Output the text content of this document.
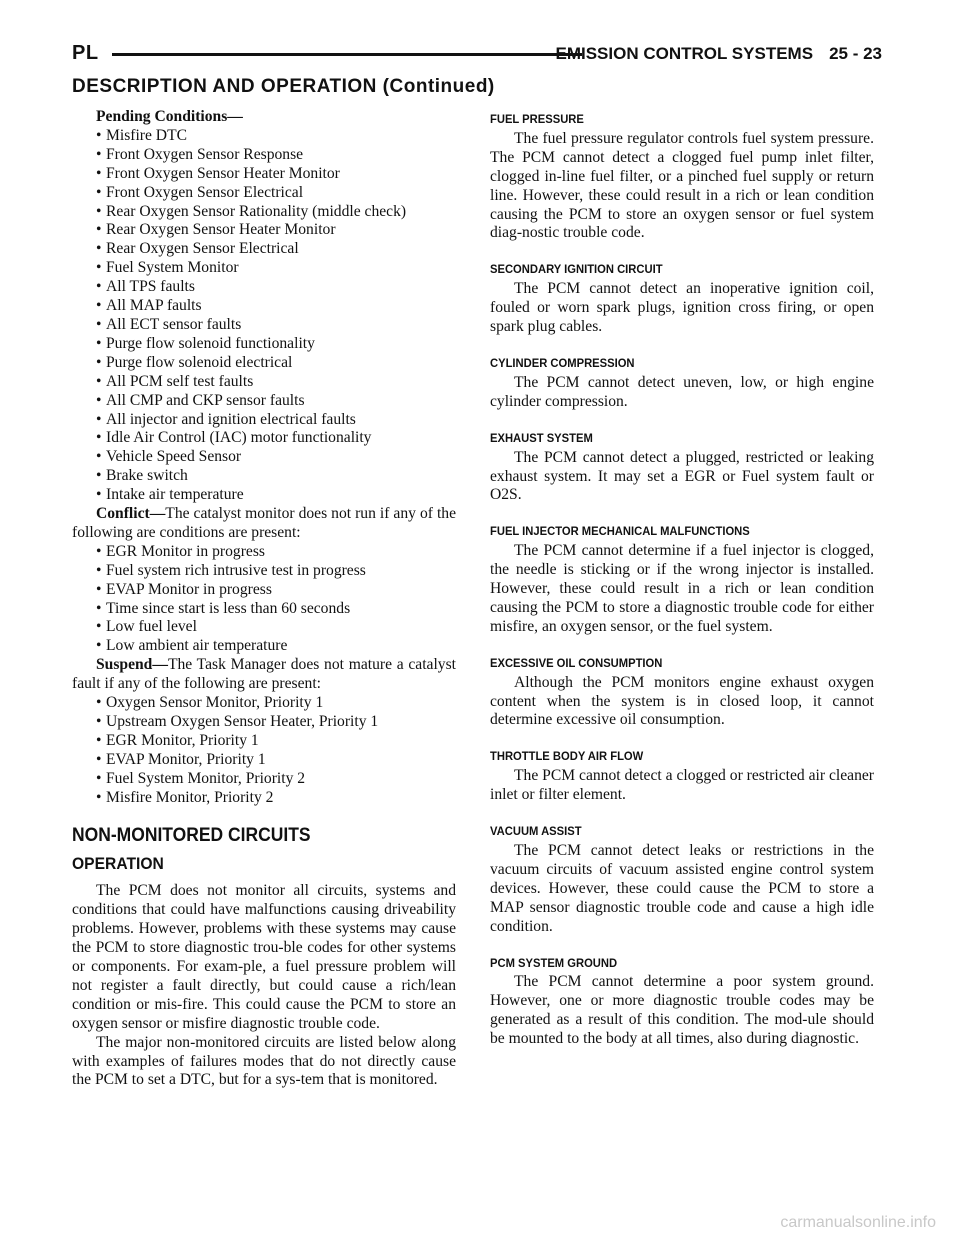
PL	EMISSION CONTROL SYSTEMS 25 - 23
DESCRIPTION AND OPERATION (Continued)

Pending Conditions—

• Misfire DTC
• Front Oxygen Sensor Response
• Front Oxygen Sensor Heater Monitor
• Front Oxygen Sensor Electrical
• Rear Oxygen Sensor Rationality (middle check)
• Rear Oxygen Sensor Heater Monitor
• Rear Oxygen Sensor Electrical
• Fuel System Monitor
• All TPS faults
• All MAP faults
• All ECT sensor faults
• Purge flow solenoid functionality
• Purge flow solenoid electrical
• All PCM self test faults
• All CMP and CKP sensor faults
• All injector and ignition electrical faults
• Idle Air Control (IAC) motor functionality
• Vehicle Speed Sensor
• Brake switch
• Intake air temperature

Conflict—The catalyst monitor does not run if any of the following are conditions are present:

• EGR Monitor in progress
• Fuel system rich intrusive test in progress
• EVAP Monitor in progress
• Time since start is less than 60 seconds
• Low fuel level
• Low ambient air temperature

Suspend—The Task Manager does not mature a catalyst fault if any of the following are present:

• Oxygen Sensor Monitor, Priority 1
• Upstream Oxygen Sensor Heater, Priority 1
• EGR Monitor, Priority 1
• EVAP Monitor, Priority 1
• Fuel System Monitor, Priority 2
• Misfire Monitor, Priority 2
NON-MONITORED CIRCUITS
OPERATION

The PCM does not monitor all circuits, systems and conditions that could have malfunctions causing driveability problems. However, problems with these systems may cause the PCM to store diagnostic trou-ble codes for other systems or components. For exam-ple, a fuel pressure problem will not register a fault directly, but could cause a rich/lean condition or mis-fire. This could cause the PCM to store an oxygen sensor or misfire diagnostic trouble code.

The major non-monitored circuits are listed below along with examples of failures modes that do not directly cause the PCM to set a DTC, but for a sys-tem that is monitored.

FUEL PRESSURE

The fuel pressure regulator controls fuel system pressure. The PCM cannot detect a clogged fuel pump inlet filter, clogged in-line fuel filter, or a pinched fuel supply or return line. However, these could result in a rich or lean condition causing the PCM to store an oxygen sensor or fuel system diag-nostic trouble code.

SECONDARY IGNITION CIRCUIT

The PCM cannot detect an inoperative ignition coil, fouled or worn spark plugs, ignition cross firing, or open spark plug cables.

CYLINDER COMPRESSION

The PCM cannot detect uneven, low, or high engine cylinder compression.

EXHAUST SYSTEM

The PCM cannot detect a plugged, restricted or leaking exhaust system. It may set a EGR or Fuel system fault or O2S.

FUEL INJECTOR MECHANICAL MALFUNCTIONS

The PCM cannot determine if a fuel injector is clogged, the needle is sticking or if the wrong injector is installed. However, these could result in a rich or lean condition causing the PCM to store a diagnostic trouble code for either misfire, an oxygen sensor, or the fuel system.

EXCESSIVE OIL CONSUMPTION

Although the PCM monitors engine exhaust oxygen content when the system is in closed loop, it cannot determine excessive oil consumption.

THROTTLE BODY AIR FLOW

The PCM cannot detect a clogged or restricted air cleaner inlet or filter element.

VACUUM ASSIST

The PCM cannot detect leaks or restrictions in the vacuum circuits of vacuum assisted engine control system devices. However, these could cause the PCM to store a MAP sensor diagnostic trouble code and cause a high idle condition.

PCM SYSTEM GROUND

The PCM cannot determine a poor system ground. However, one or more diagnostic trouble codes may be generated as a result of this condition. The mod-ule should be mounted to the body at all times, also during diagnostic.

carmanualsonline.info
